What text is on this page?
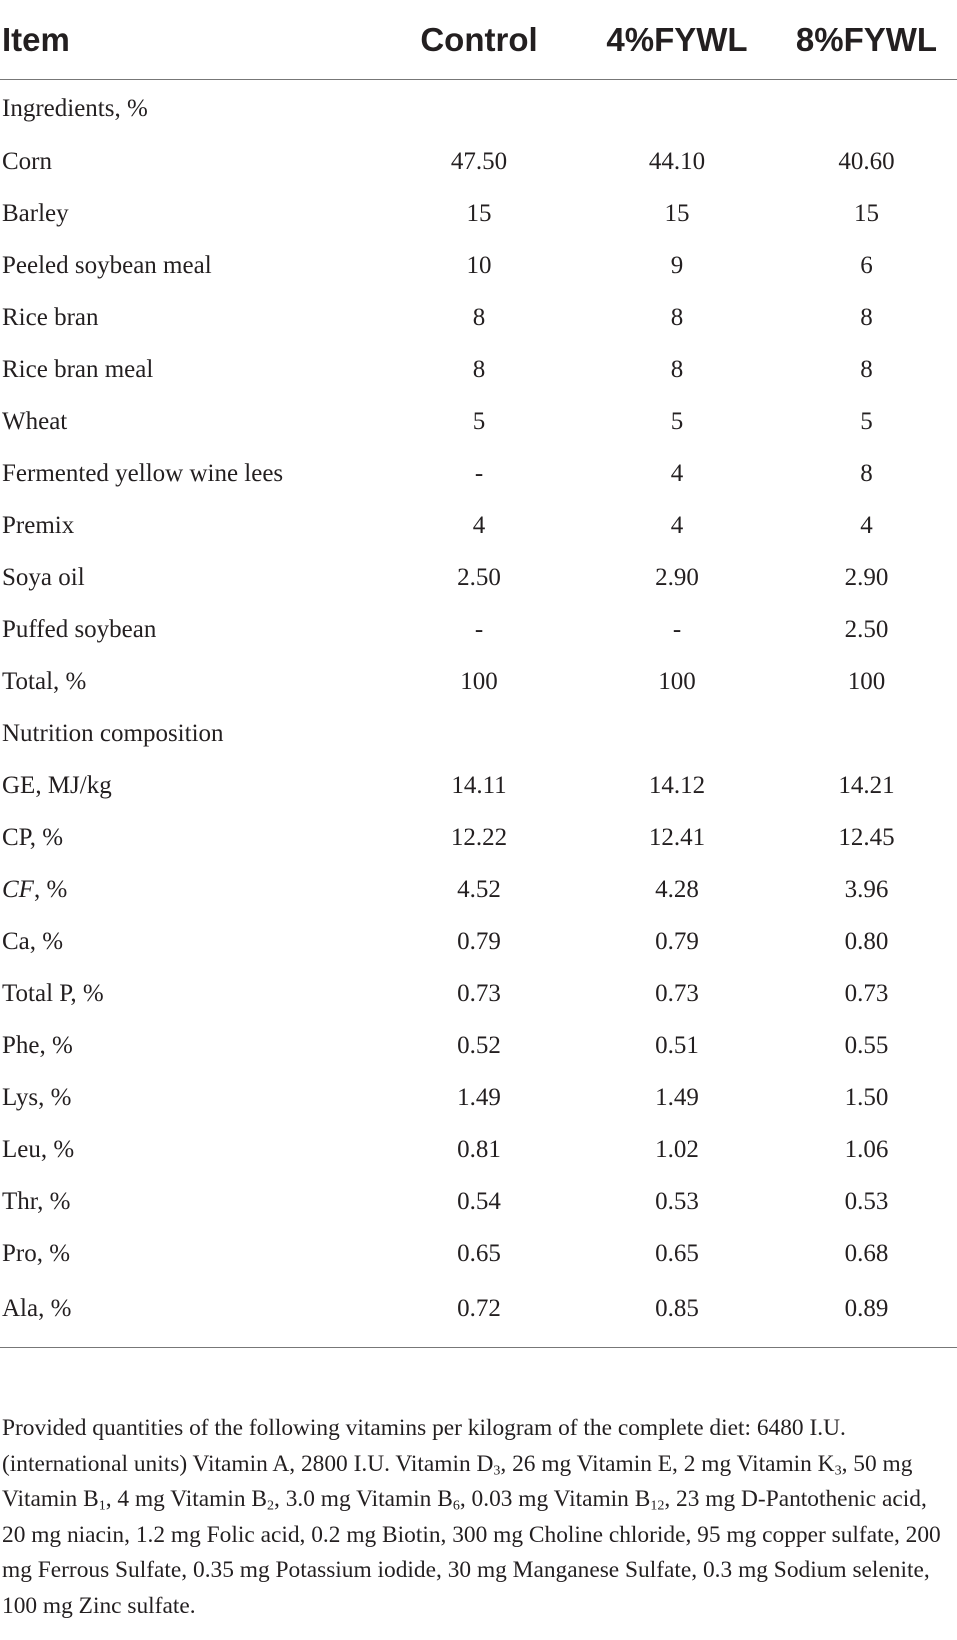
Item	Control	4%FYWL	8%FYWL
Ingredients, %			
Corn	47.50	44.10	40.60
Barley	15	15	15
Peeled soybean meal	10	9	6
Rice bran	8	8	8
Rice bran meal	8	8	8
Wheat	5	5	5
Fermented yellow wine lees	-	4	8
Premix	4	4	4
Soya oil	2.50	2.90	2.90
Puffed soybean	-	-	2.50
Total, %	100	100	100
Nutrition composition			
GE, MJ/kg	14.11	14.12	14.21
CP, %	12.22	12.41	12.45
CF, %	4.52	4.28	3.96
Ca, %	0.79	0.79	0.80
Total P, %	0.73	0.73	0.73
Phe, %	0.52	0.51	0.55
Lys, %	1.49	1.49	1.50
Leu, %	0.81	1.02	1.06
Thr, %	0.54	0.53	0.53
Pro, %	0.65	0.65	0.68
Ala, %	0.72	0.85	0.89
Provided quantities of the following vitamins per kilogram of the complete diet: 6480 I.U. (international units) Vitamin A, 2800 I.U. Vitamin $D_3$, 26 mg Vitamin E, 2 mg Vitamin $K_3$, 50 mg Vitamin $B_1$, 4 mg Vitamin $B_2$, 3.0 mg Vitamin $B_6$, 0.03 mg Vitamin $B_{12}$, 23 mg D-Pantothenic acid, 20 mg niacin, 1.2 mg Folic acid, 0.2 mg Biotin, 300 mg Choline chloride, 95 mg copper sulfate, 200 mg Ferrous Sulfate, 0.35 mg Potassium iodide, 30 mg Manganese Sulfate, 0.3 mg Sodium selenite, 100 mg Zinc sulfate.
